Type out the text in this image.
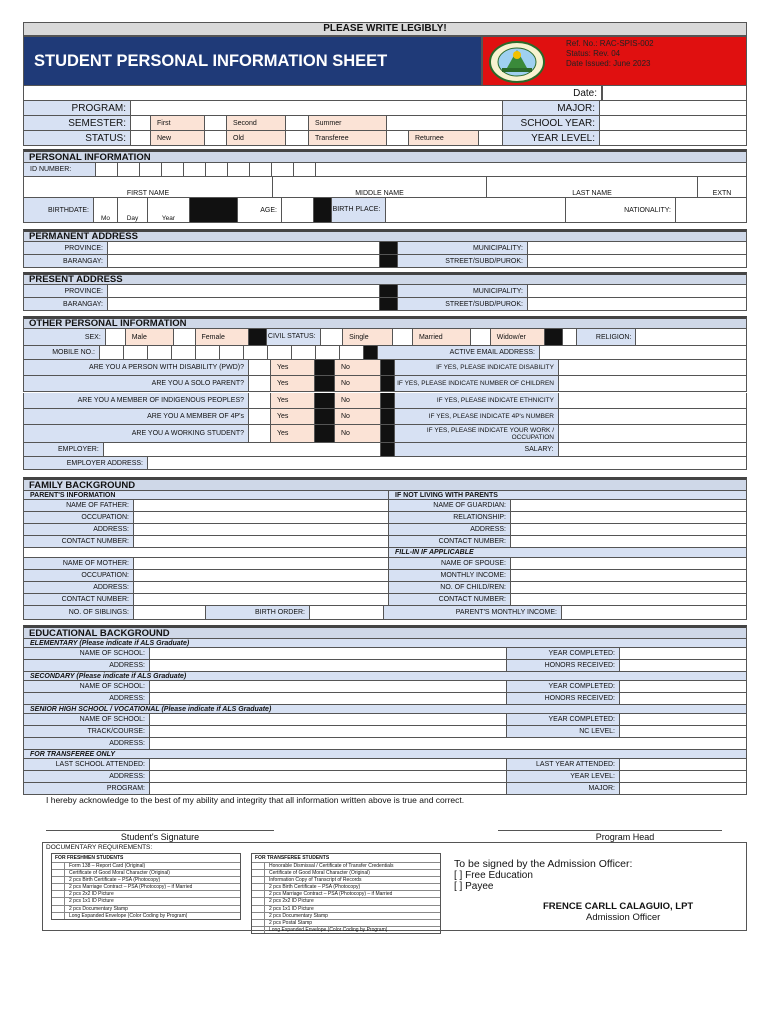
PLEASE WRITE LEGIBLY!
STUDENT PERSONAL INFORMATION SHEET
Ref. No.: RAC-SPIS-002
Status: Rev. 04
Date Issued: June 2023
Date:
PROGRAM:	MAJOR:
SEMESTER:	First	Second	Summer	SCHOOL YEAR:
STATUS:	New	Old	Transferee	Returnee	YEAR LEVEL:
PERSONAL INFORMATION
ID NUMBER:
FIRST NAME	MIDDLE NAME	LAST NAME	EXTN
BIRTHDATE:
Mo	Day	Year
AGE:	BIRTH PLACE:	NATIONALITY:
PERMANENT ADDRESS
PROVINCE:	MUNICIPALITY:
BARANGAY:	STREET/SUBD/PUROK:
PRESENT ADDRESS
PROVINCE:	MUNICIPALITY:
BARANGAY:	STREET/SUBD/PUROK:
OTHER PERSONAL INFORMATION
SEX:	Male	Female	CIVIL STATUS:	Single	Married	Widow/er	RELIGION:
MOBILE NO.:	ACTIVE EMAIL ADDRESS:
ARE YOU A PERSON WITH DISABILITY (PWD)?	Yes	No	IF YES, PLEASE INDICATE DISABILITY
ARE YOU A SOLO PARENT?	Yes	No	IF YES, PLEASE INDICATE NUMBER OF CHILDREN
ARE YOU A MEMBER OF INDIGENOUS PEOPLES?	Yes	No	IF YES, PLEASE INDICATE ETHNICITY
ARE YOU A MEMBER OF 4P's	Yes	No	IF YES, PLEASE INDICATE 4P's NUMBER
ARE YOU A WORKING STUDENT?	Yes	No	IF YES, PLEASE INDICATE YOUR WORK / OCCUPATION
EMPLOYER:	SALARY:
EMPLOYER ADDRESS:
FAMILY BACKGROUND
PARENT'S INFORMATION	IF NOT LIVING WITH PARENTS
NAME OF FATHER:	NAME OF GUARDIAN:
OCCUPATION:	RELATIONSHIP:
ADDRESS:	ADDRESS:
CONTACT NUMBER:	CONTACT NUMBER:
FILL-IN IF APPLICABLE
NAME OF MOTHER:	NAME OF SPOUSE:
OCCUPATION:	MONTHLY INCOME:
ADDRESS:	NO. OF CHILD/REN:
CONTACT NUMBER:	CONTACT NUMBER:
NO. OF SIBLINGS:	BIRTH ORDER:	PARENT'S MONTHLY INCOME:
EDUCATIONAL BACKGROUND
ELEMENTARY (Please indicate if ALS Graduate)
NAME OF SCHOOL:	YEAR COMPLETED:
ADDRESS:	HONORS RECEIVED:
SECONDARY (Please indicate if ALS Graduate)
NAME OF SCHOOL:	YEAR COMPLETED:
ADDRESS:	HONORS RECEIVED:
SENIOR HIGH SCHOOL / VOCATIONAL (Please indicate if ALS Graduate)
NAME OF SCHOOL:	YEAR COMPLETED:
TRACK/COURSE:	NC LEVEL:
ADDRESS:
FOR TRANSFEREE ONLY
LAST SCHOOL ATTENDED:	LAST YEAR ATTENDED:
ADDRESS:	YEAR LEVEL:
PROGRAM:	MAJOR:
I hereby acknowledge to the best of my ability and integrity that all information written above is true and correct.
Student's Signature	Program Head
DOCUMENTARY REQUIREMENTS:
FOR FRESHMEN STUDENTS
Form 138 – Report Card (Original)
Certificate of Good Moral Character (Original)
2 pcs Birth Certificate – PSA (Photocopy)
2 pcs Marriage Contract – PSA (Photocopy) – if Married
2 pcs 2x2 ID Picture
2 pcs 1x1 ID Picture
2 pcs Documentary Stamp
Long Expanded Envelope (Color Coding by Program)
FOR TRANSFEREE STUDENTS
Honorable Dismissal / Certificate of Transfer Credentials
Certificate of Good Moral Character (Original)
Information Copy of Transcript of Records
2 pcs Birth Certificate – PSA (Photocopy)
2 pcs Marriage Contract – PSA (Photocopy) – if Married
2 pcs 2x2 ID Picture
2 pcs 1x1 ID Picture
2 pcs Documentary Stamp
2 pcs Postal Stamp
Long Expanded Envelope (Color Coding by Program)
To be signed by the Admission Officer:
[ ] Free Education
[ ] Payee
FRENCE CARLL CALAGUIO, LPT
Admission Officer
